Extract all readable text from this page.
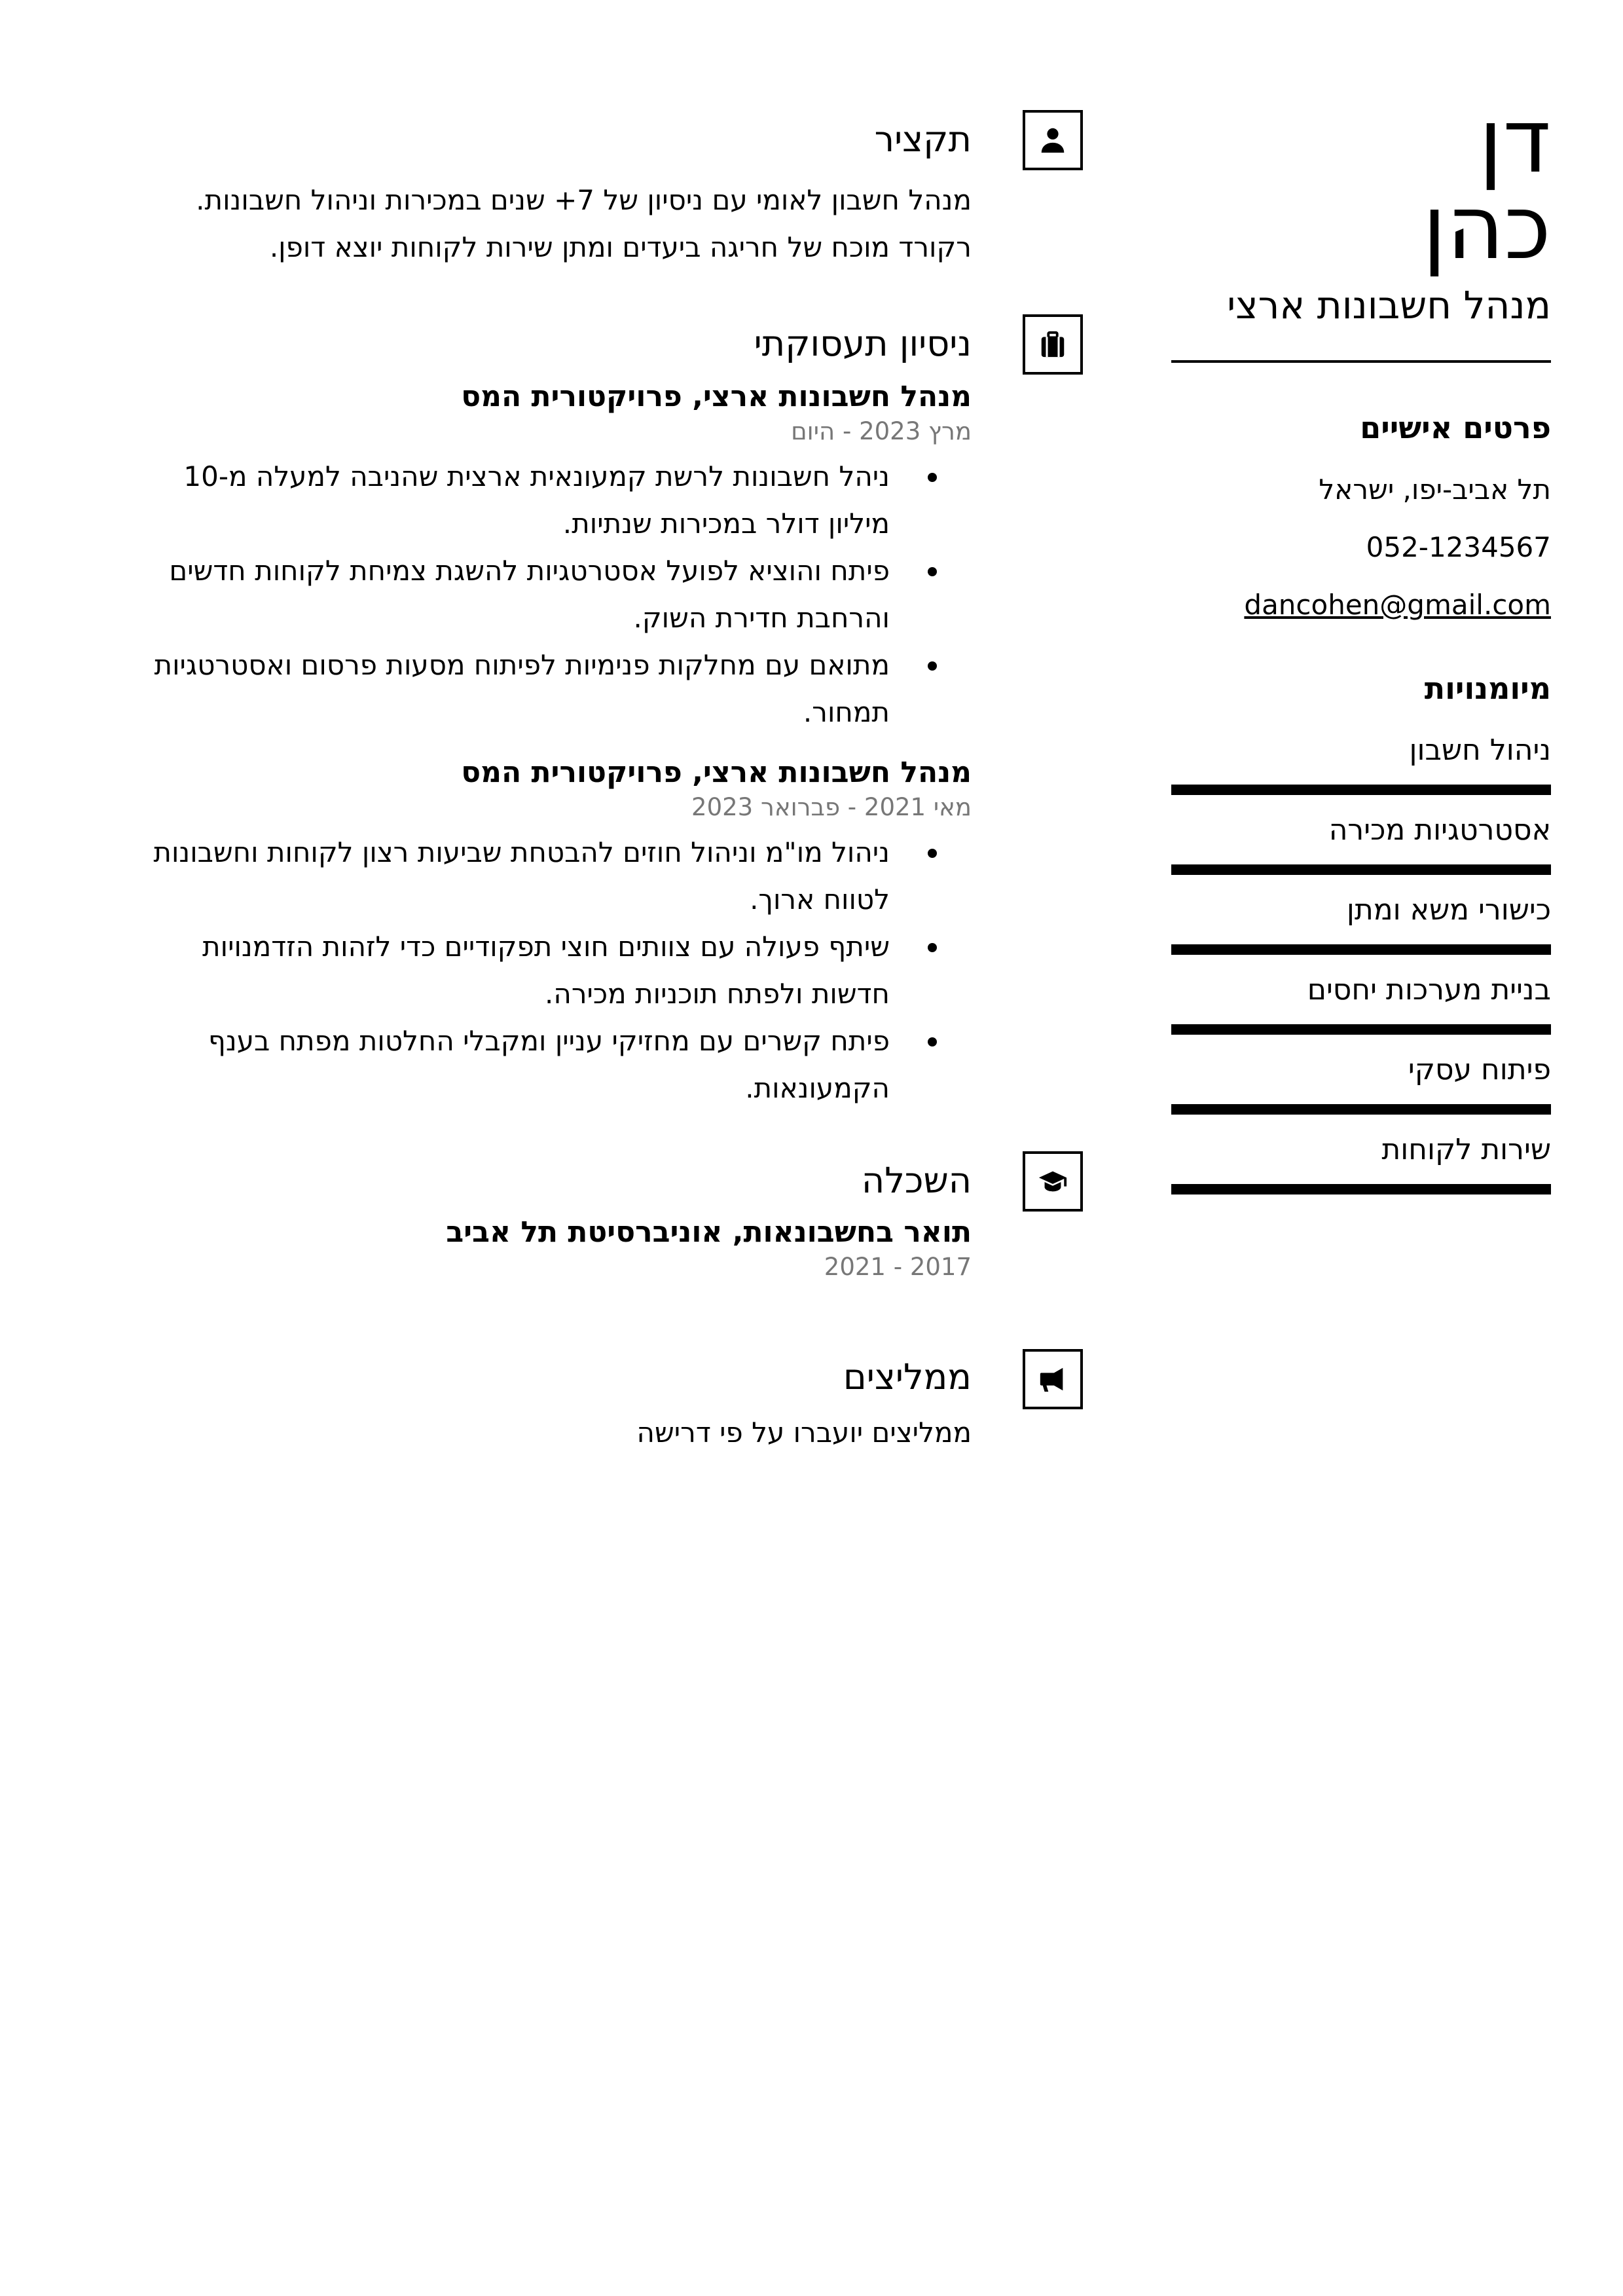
דן
כהן
מנהל חשבונות ארצי
פרטים אישיים
תל אביב-יפו, ישראל
052-1234567
dancohen@gmail.com
מיומנויות
ניהול חשבון
אסטרטגיות מכירה
כישורי משא ומתן
בניית מערכות יחסים
פיתוח עסקי
שירות לקוחות
תקציר

מנהל חשבון לאומי עם ניסיון של 7+ שנים במכירות וניהול חשבונות. רקורד מוכח של חריגה ביעדים ומתן שירות לקוחות יוצא דופן.

ניסיון תעסוקתי

מנהל חשבונות ארצי, פרויקטורית המס

מרץ 2023 - היום

ניהל חשבונות לרשת קמעונאית ארצית שהניבה למעלה מ-10 מיליון דולר במכירות שנתיות.
פיתח והוציא לפועל אסטרטגיות להשגת צמיחת לקוחות חדשים והרחבת חדירת השוק.
מתואם עם מחלקות פנימיות לפיתוח מסעות פרסום ואסטרטגיות תמחור.

מנהל חשבונות ארצי, פרויקטורית המס

מאי 2021 - פברואר 2023

ניהול מו"מ וניהול חוזים להבטחת שביעות רצון לקוחות וחשבונות לטווח ארוך.
שיתף פעולה עם צוותים חוצי תפקודיים כדי לזהות הזדמנויות חדשות ולפתח תוכניות מכירה.
פיתח קשרים עם מחזיקי עניין ומקבלי החלטות מפתח בענף הקמעונאות.
השכלה

תואר בחשבונאות, אוניברסיטת תל אביב

2017 - 2021

ממליצים

ממליצים יועברו על פי דרישה
